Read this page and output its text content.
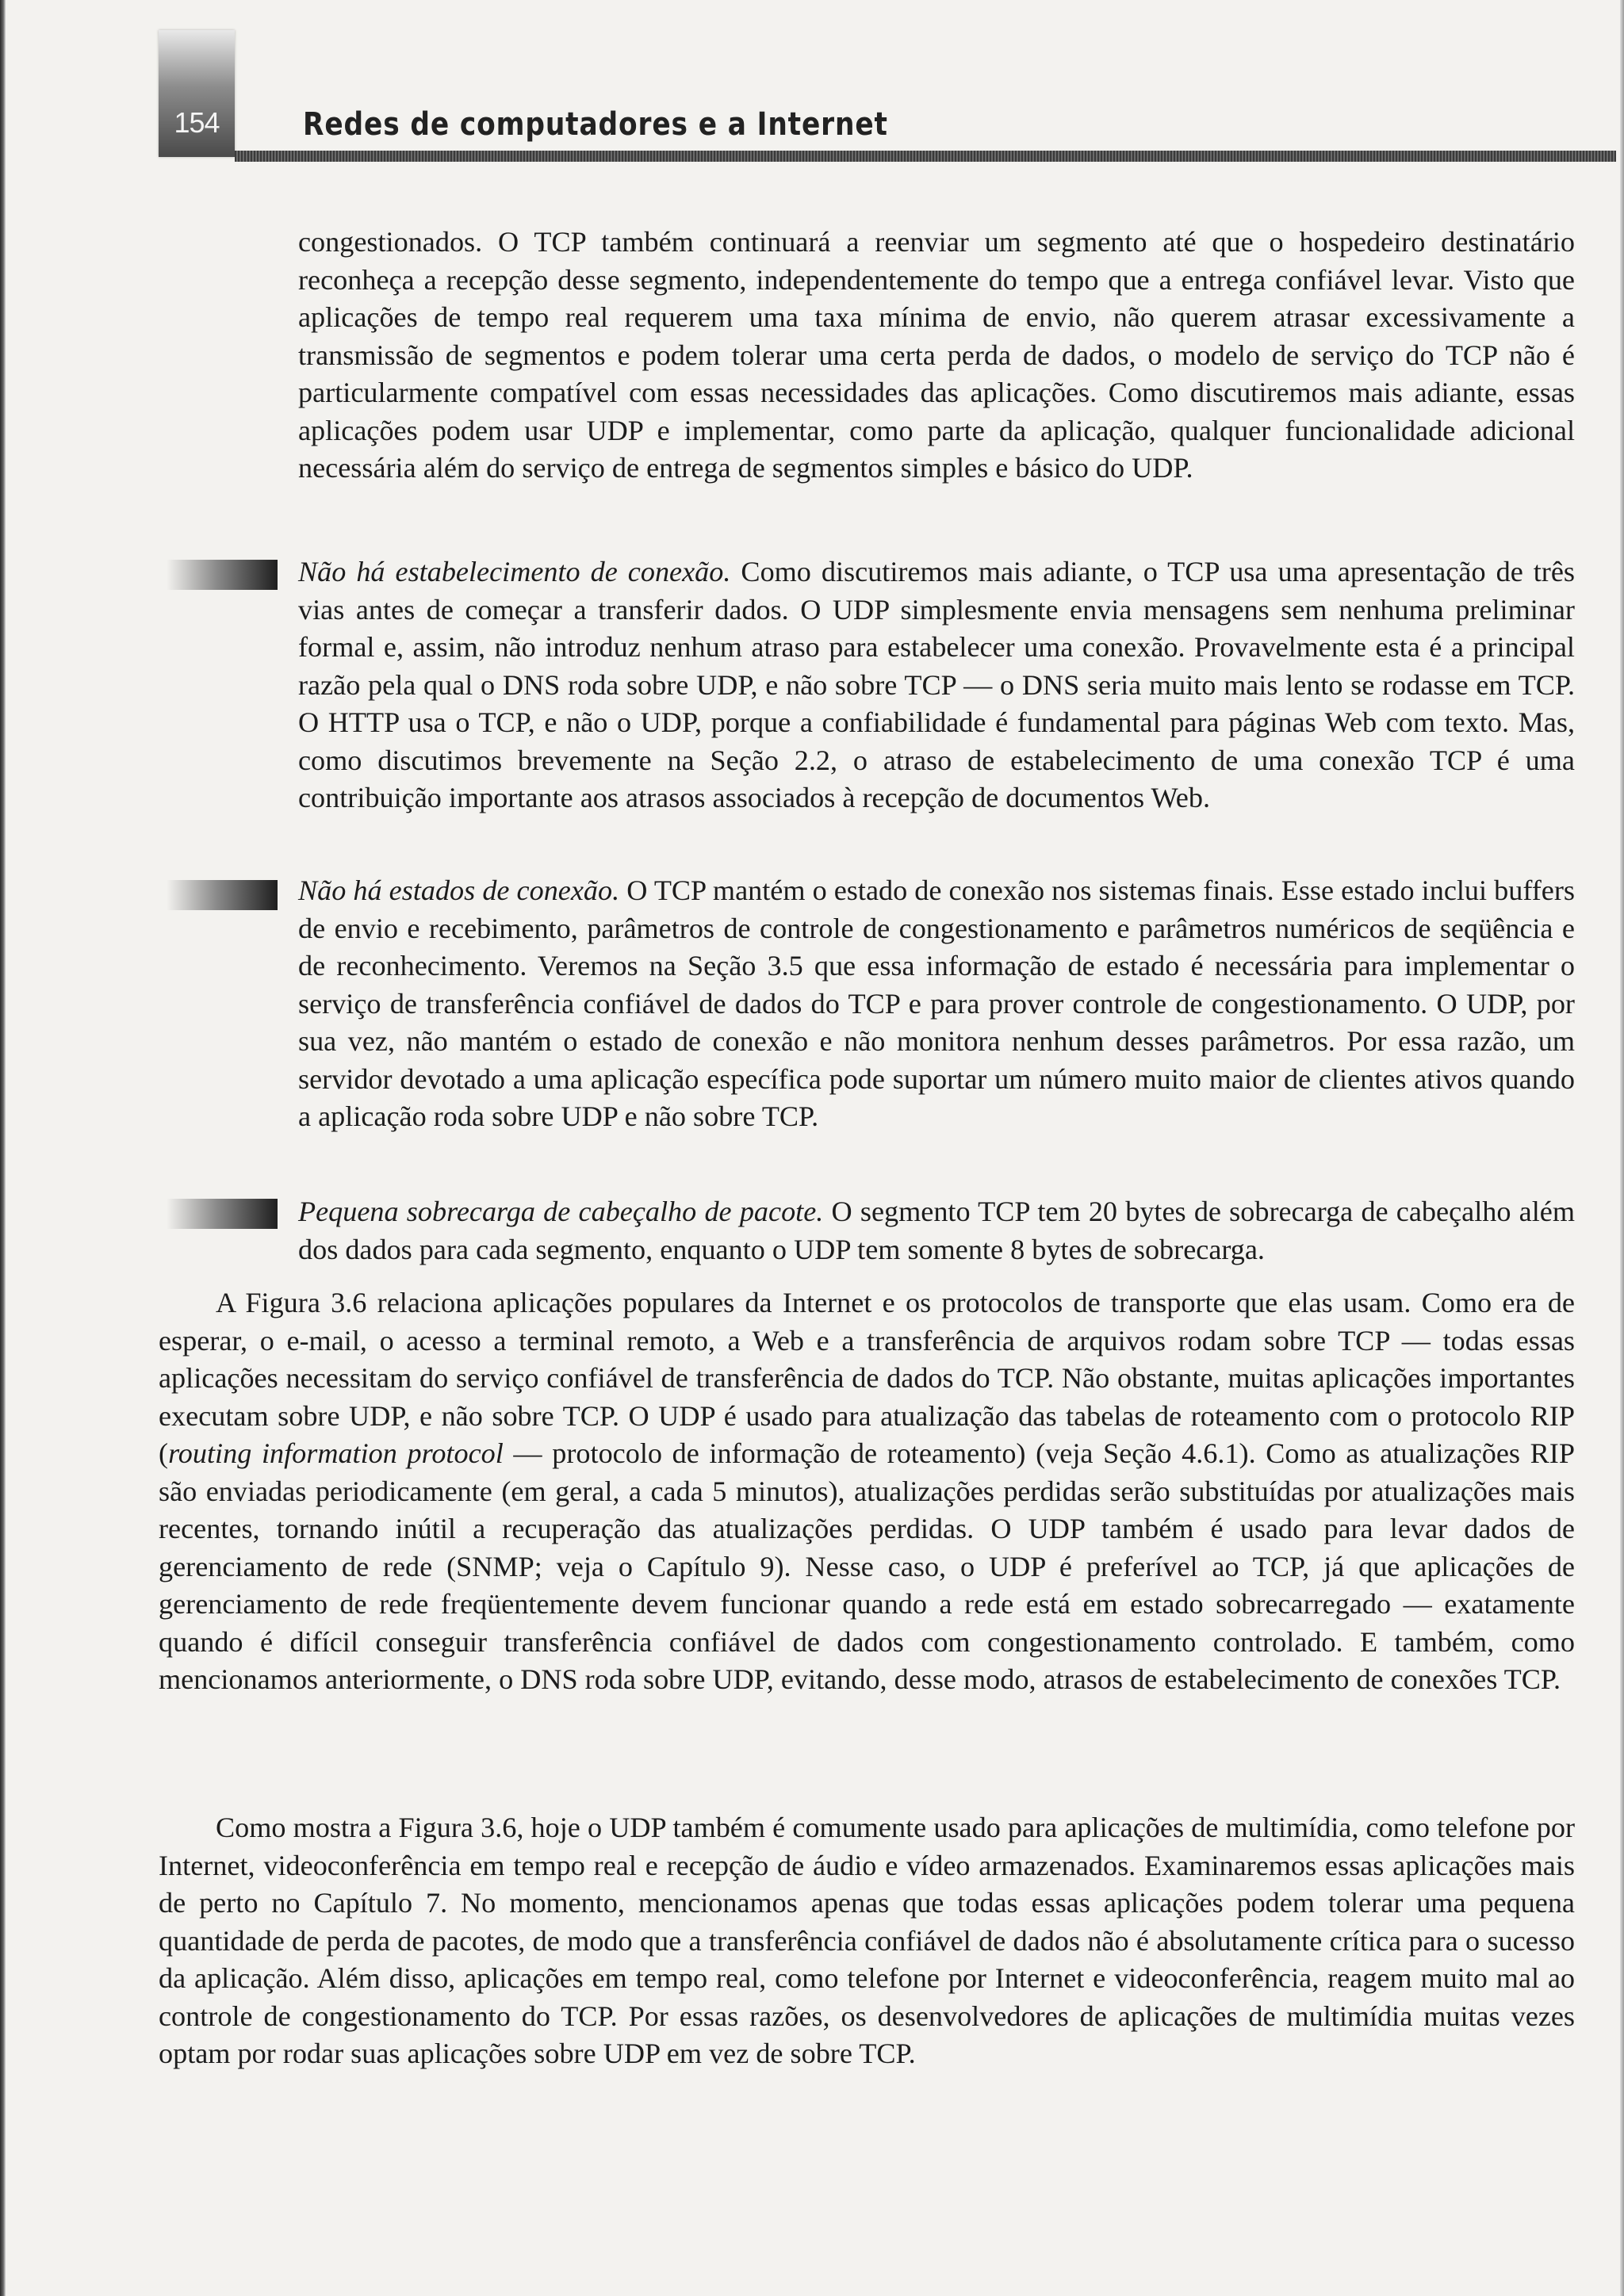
154	Redes de computadores e a Internet

congestionados. O TCP também continuará a reenviar um segmento até que o hospedeiro destinatário reconheça a recepção desse segmento, independentemente do tempo que a entrega confiável levar. Visto que aplicações de tempo real requerem uma taxa mínima de envio, não querem atrasar excessivamente a transmissão de segmentos e podem tolerar uma certa perda de dados, o modelo de serviço do TCP não é particularmente compatível com essas necessidades das aplicações. Como discutiremos mais adiante, essas aplicações podem usar UDP e implementar, como parte da aplicação, qualquer funcionalidade adicional necessária além do serviço de entrega de segmentos simples e básico do UDP.

Não há estabelecimento de conexão. Como discutiremos mais adiante, o TCP usa uma apresentação de três vias antes de começar a transferir dados. O UDP simplesmente envia mensagens sem nenhuma preliminar formal e, assim, não introduz nenhum atraso para estabelecer uma conexão. Provavelmente esta é a principal razão pela qual o DNS roda sobre UDP, e não sobre TCP — o DNS seria muito mais lento se rodasse em TCP. O HTTP usa o TCP, e não o UDP, porque a confiabilidade é fundamental para páginas Web com texto. Mas, como discutimos brevemente na Seção 2.2, o atraso de estabelecimento de uma conexão TCP é uma contribuição importante aos atrasos associados à recepção de documentos Web.

Não há estados de conexão. O TCP mantém o estado de conexão nos sistemas finais. Esse estado inclui buffers de envio e recebimento, parâmetros de controle de congestionamento e parâmetros numéricos de seqüência e de reconhecimento. Veremos na Seção 3.5 que essa informação de estado é necessária para implementar o serviço de transferência confiável de dados do TCP e para prover controle de congestionamento. O UDP, por sua vez, não mantém o estado de conexão e não monitora nenhum desses parâmetros. Por essa razão, um servidor devotado a uma aplicação específica pode suportar um número muito maior de clientes ativos quando a aplicação roda sobre UDP e não sobre TCP.

Pequena sobrecarga de cabeçalho de pacote. O segmento TCP tem 20 bytes de sobrecarga de cabeçalho além dos dados para cada segmento, enquanto o UDP tem somente 8 bytes de sobrecarga.

A Figura 3.6 relaciona aplicações populares da Internet e os protocolos de transporte que elas usam. Como era de esperar, o e-mail, o acesso a terminal remoto, a Web e a transferência de arquivos rodam sobre TCP — todas essas aplicações necessitam do serviço confiável de transferência de dados do TCP. Não obstante, muitas aplicações importantes executam sobre UDP, e não sobre TCP. O UDP é usado para atualização das tabelas de roteamento com o protocolo RIP (routing information protocol — protocolo de informação de roteamento) (veja Seção 4.6.1). Como as atualizações RIP são enviadas periodicamente (em geral, a cada 5 minutos), atualizações perdidas serão substituídas por atualizações mais recentes, tornando inútil a recuperação das atualizações perdidas. O UDP também é usado para levar dados de gerenciamento de rede (SNMP; veja o Capítulo 9). Nesse caso, o UDP é preferível ao TCP, já que aplicações de gerenciamento de rede freqüentemente devem funcionar quando a rede está em estado sobrecarregado — exatamente quando é difícil conseguir transferência confiável de dados com congestionamento controlado. E também, como mencionamos anteriormente, o DNS roda sobre UDP, evitando, desse modo, atrasos de estabelecimento de conexões TCP.

Como mostra a Figura 3.6, hoje o UDP também é comumente usado para aplicações de multimídia, como telefone por Internet, videoconferência em tempo real e recepção de áudio e vídeo armazenados. Examinaremos essas aplicações mais de perto no Capítulo 7. No momento, mencionamos apenas que todas essas aplicações podem tolerar uma pequena quantidade de perda de pacotes, de modo que a transferência confiável de dados não é absolutamente crítica para o sucesso da aplicação. Além disso, aplicações em tempo real, como telefone por Internet e videoconferência, reagem muito mal ao controle de congestionamento do TCP. Por essas razões, os desenvolvedores de aplicações de multimídia muitas vezes optam por rodar suas aplicações sobre UDP em vez de sobre TCP.
